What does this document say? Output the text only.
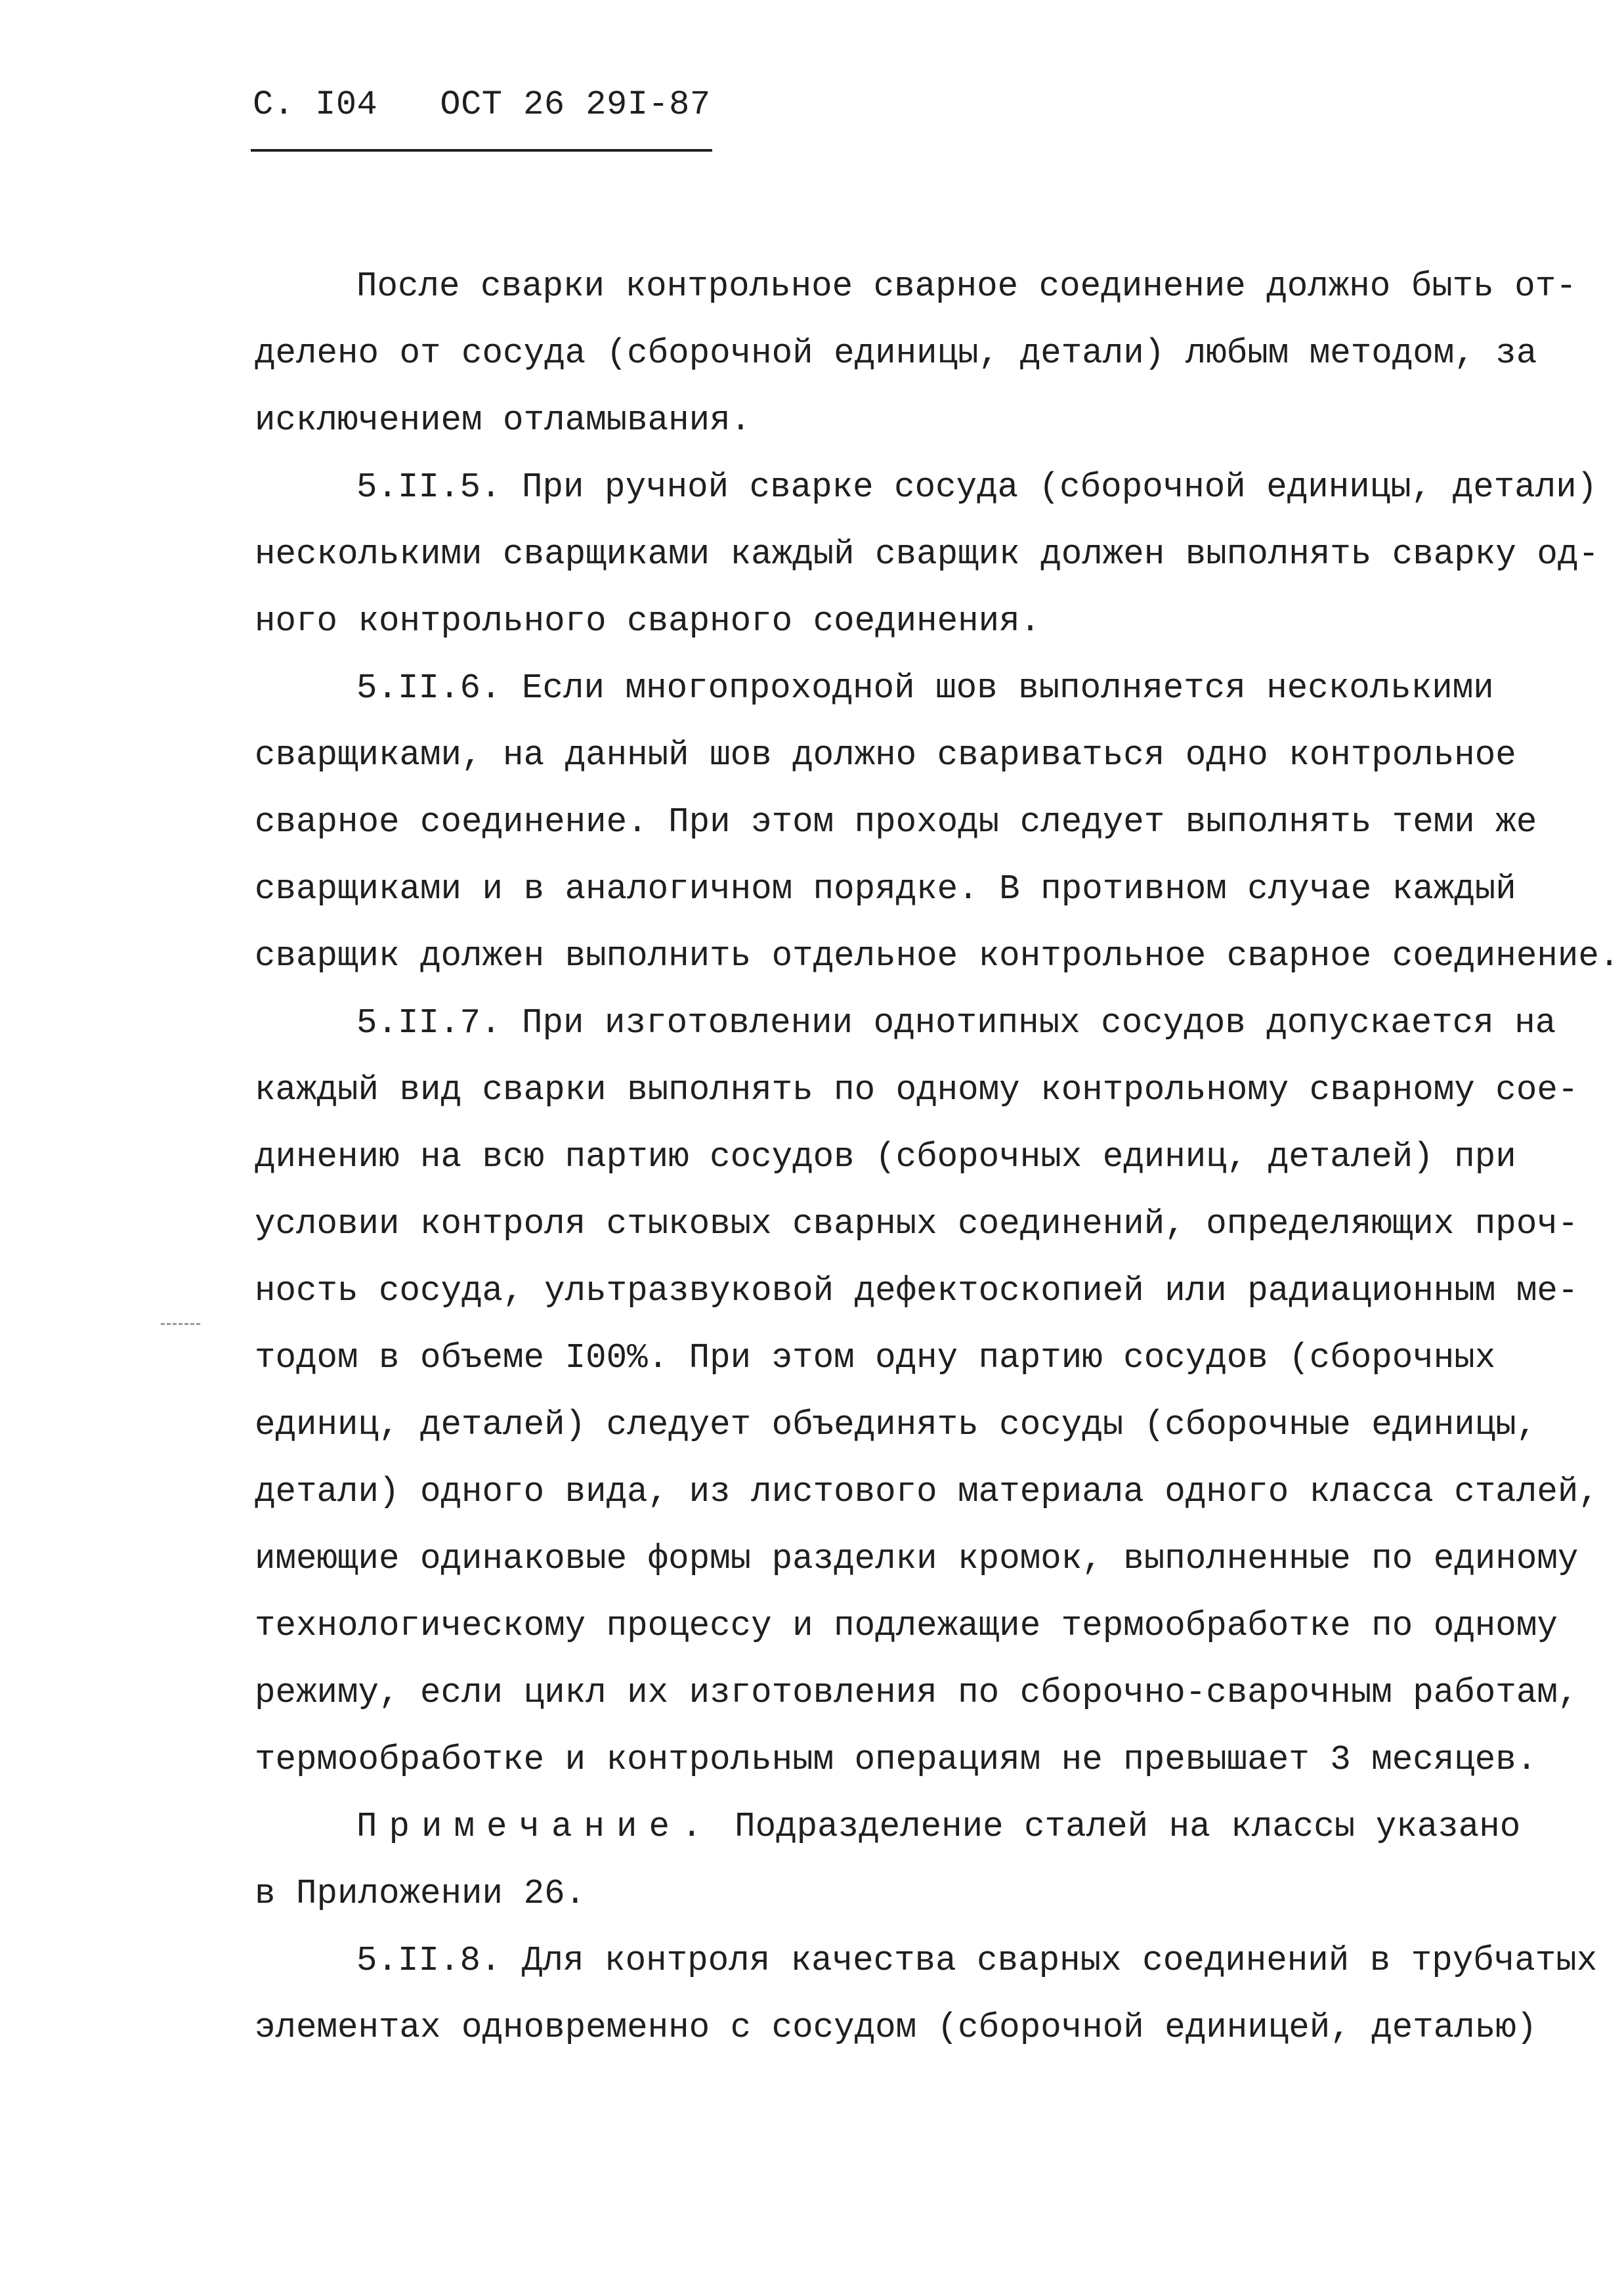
С. I04 ОСТ 26 29I-87
После сварки контрольное сварное соединение должно быть от-
делено от сосуда (сборочной единицы, детали) любым методом, за
исключением отламывания.
5.II.5. При ручной сварке сосуда (сборочной единицы, детали)
несколькими сварщиками каждый сварщик должен выполнять сварку од-
ного контрольного сварного соединения.
5.II.6. Если многопроходной шов выполняется несколькими
сварщиками, на данный шов должно свариваться одно контрольное
сварное соединение. При этом проходы следует выполнять теми же
сварщиками и в аналогичном порядке. В противном случае каждый
сварщик должен выполнить отдельное контрольное сварное соединение.
5.II.7. При изготовлении однотипных сосудов допускается на
каждый вид сварки выполнять по одному контрольному сварному сое-
динению на всю партию сосудов (сборочных единиц, деталей) при
условии контроля стыковых сварных соединений, определяющих проч-
ность сосуда, ультразвуковой дефектоскопией или радиационным ме-
тодом в объеме I00%. При этом одну партию сосудов (сборочных
единиц, деталей) следует объединять сосуды (сборочные единицы,
детали) одного вида, из листового материала одного класса сталей,
имеющие одинаковые формы разделки кромок, выполненные по единому
технологическому процессу и подлежащие термообработке по одному
режиму, если цикл их изготовления по сборочно-сварочным работам,
термообработке и контрольным операциям не превышает 3 месяцев.
Примечание. Подразделение сталей на классы указано
в Приложении 26.
5.II.8. Для контроля качества сварных соединений в трубчатых
элементах одновременно с сосудом (сборочной единицей, деталью)
